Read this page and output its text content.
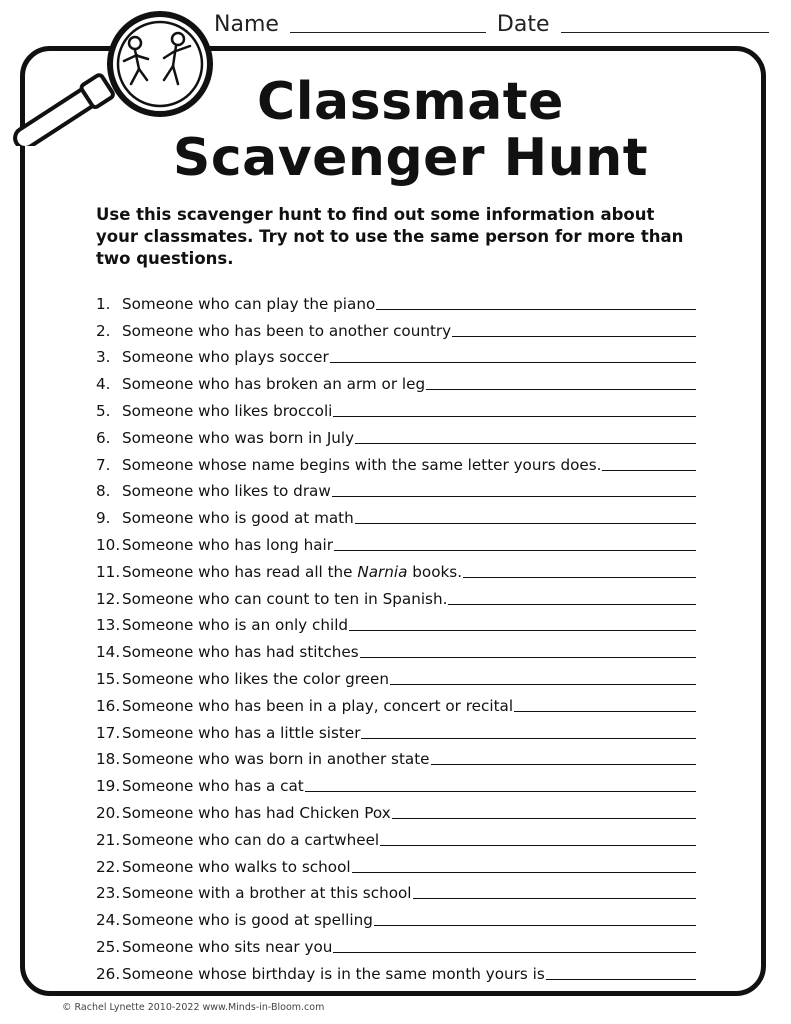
Name	Date
Classmate
Scavenger Hunt
Use this scavenger hunt to find out some information about your classmates. Try not to use the same person for more than two questions.
1. Someone who can play the piano
2. Someone who has been to another country
3. Someone who plays soccer
4. Someone who has broken an arm or leg
5. Someone who likes broccoli
6. Someone who was born in July
7. Someone whose name begins with the same letter yours does.
8. Someone who likes to draw
9. Someone who is good at math
10. Someone who has long hair
11. Someone who has read all the Narnia books.
12. Someone who can count to ten in Spanish.
13. Someone who is an only child
14. Someone who has had stitches
15. Someone who likes the color green
16. Someone who has been in a play, concert or recital
17. Someone who has a little sister
18. Someone who was born in another state
19. Someone who has a cat
20. Someone who has had Chicken Pox
21. Someone who can do a cartwheel
22. Someone who walks to school
23. Someone with a brother at this school
24. Someone who is good at spelling
25. Someone who sits near you
26. Someone whose birthday is in the same month yours is
© Rachel Lynette 2010-2022 www.Minds-in-Bloom.com
